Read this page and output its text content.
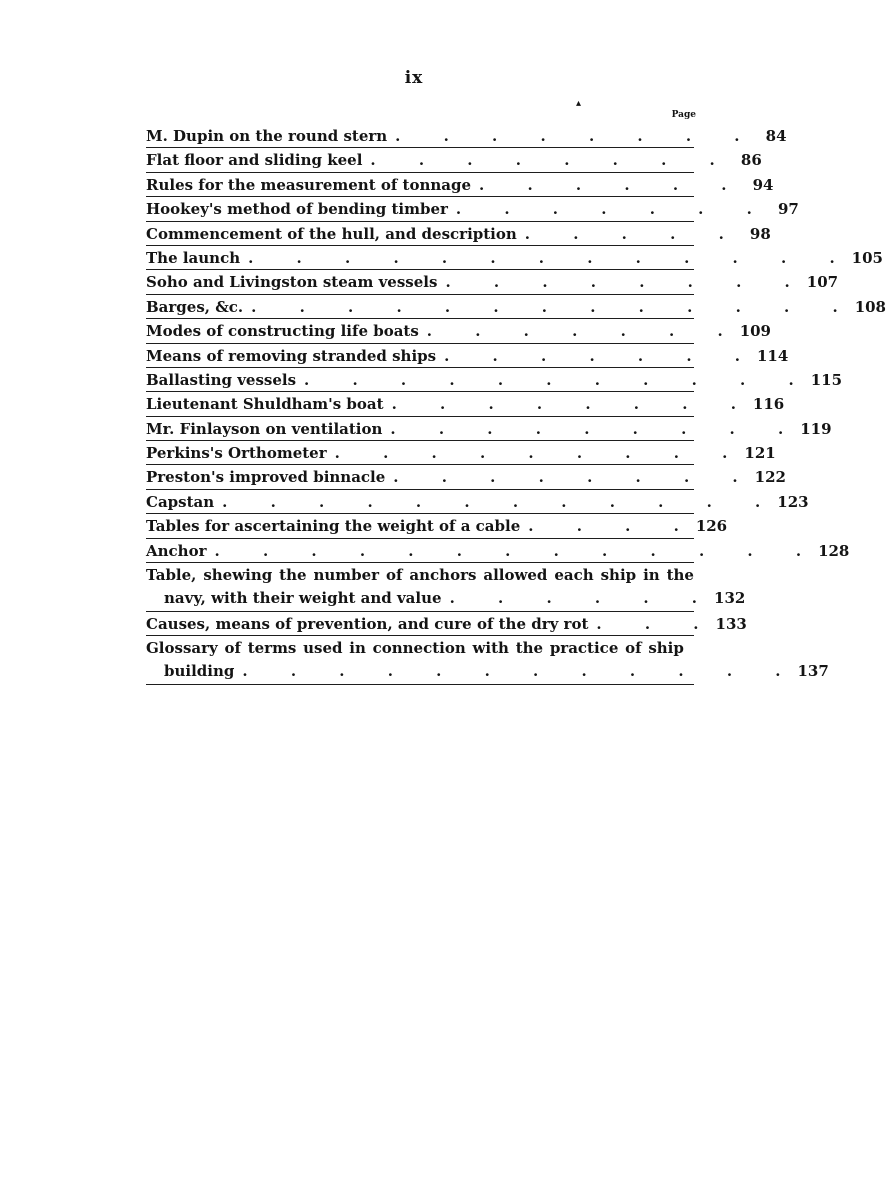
ix
▴
Page
M. Dupin on the round stern . . . . . . . . 84
Flat floor and sliding keel . . . . . . . . 86
Rules for the measurement of tonnage . . . . . . 94
Hookey's method of bending timber . . . . . . . 97
Commencement of the hull, and description . . . . . 98
The launch . . . . . . . . . . . . .
105
Soho and Livingston steam vessels . . . . . . . .
107
Barges, &c. . . . . . . . . . . . . .
108
Modes of constructing life boats . . . . . . .
109
Means of removing stranded ships . . . . . . .
114
Ballasting vessels . . . . . . . . . . .
115
Lieutenant Shuldham's boat . . . . . . . .
116
Mr. Finlayson on ventilation . . . . . . . . .
119
Perkins's Orthometer . . . . . . . . .
121
Preston's improved binnacle . . . . . . . .
122
Capstan . . . . . . . . . . . .
123
Tables for ascertaining the weight of a cable . . . .
126
Anchor . . . . . . . . . . . . .
128
Table, shewing the number of anchors allowed each ship in the
navy, with their weight and value . . . . . .
132
Causes, means of prevention, and cure of the dry rot . . .
133
Glossary of terms used in connection with the practice of ship
building . . . . . . . . . . . .
137
